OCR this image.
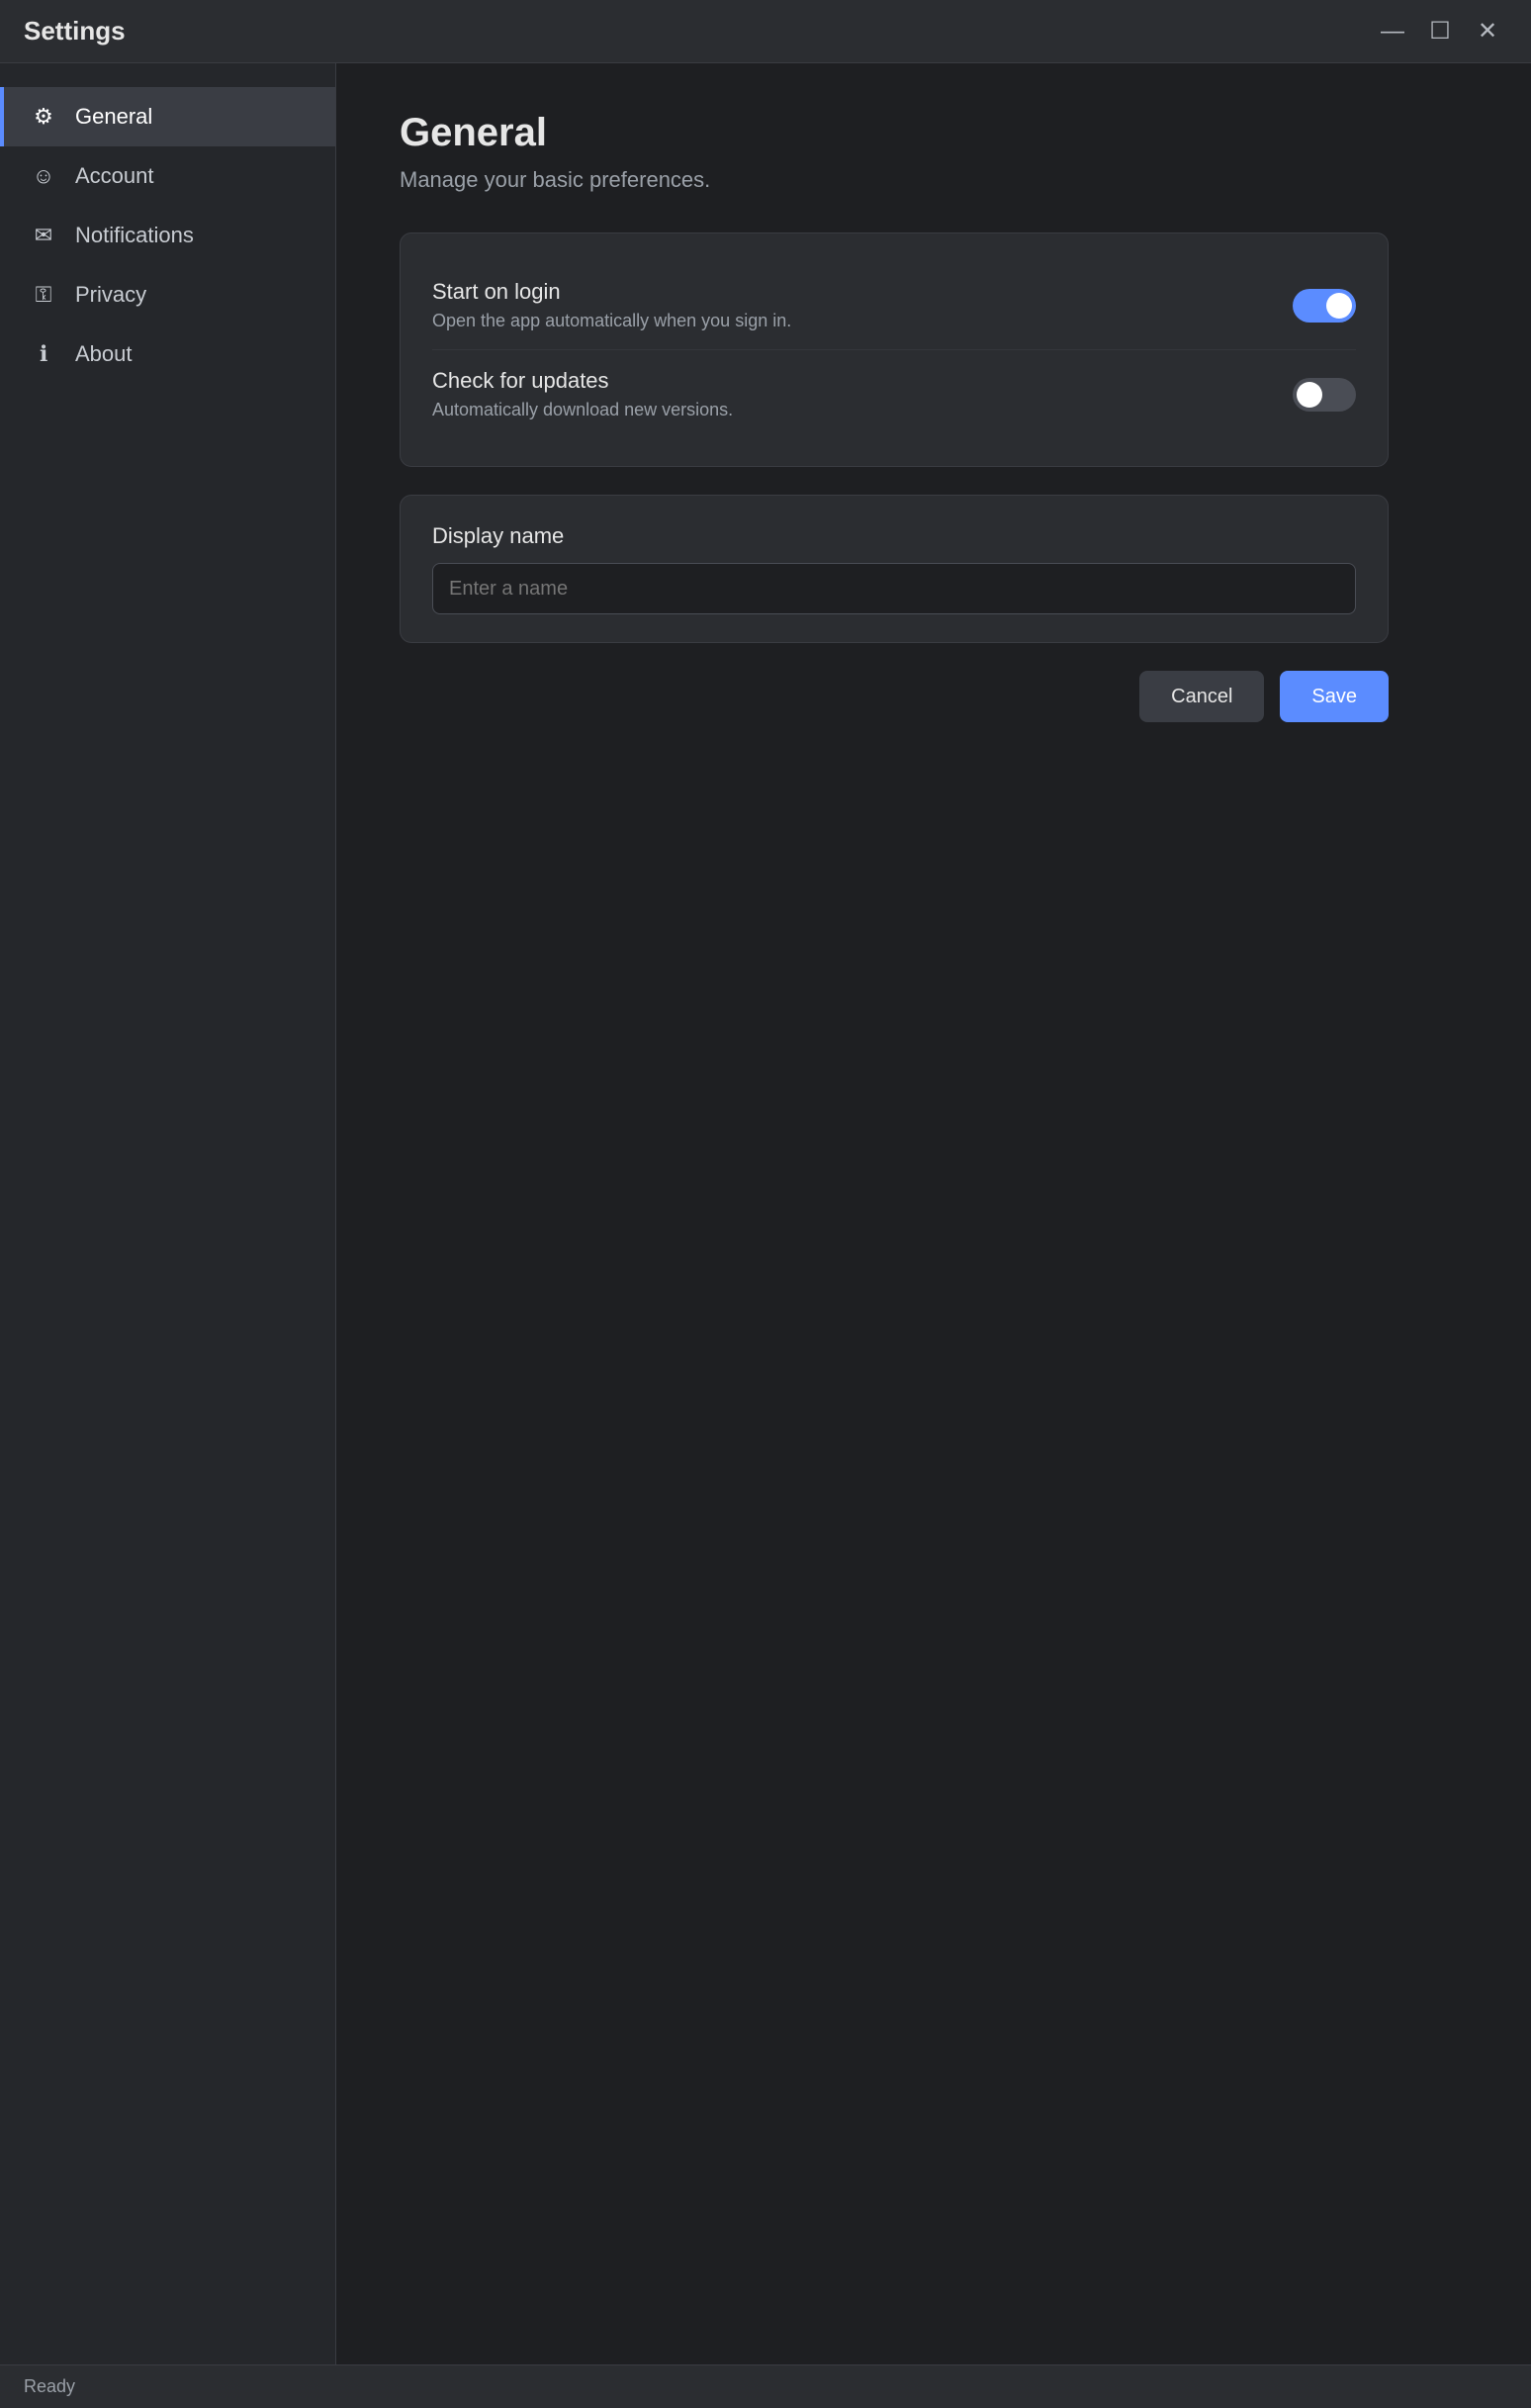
Settings	—	☐	✕
⚙ General
☺ Account
✉	Notifications
⚿	Privacy
ℹ	About
General

Manage your basic preferences.

Start on login
Open the app automatically when you sign in.
Check for updates
Automatically download new versions.
Display name
Enter a name
Cancel	Save
Ready
